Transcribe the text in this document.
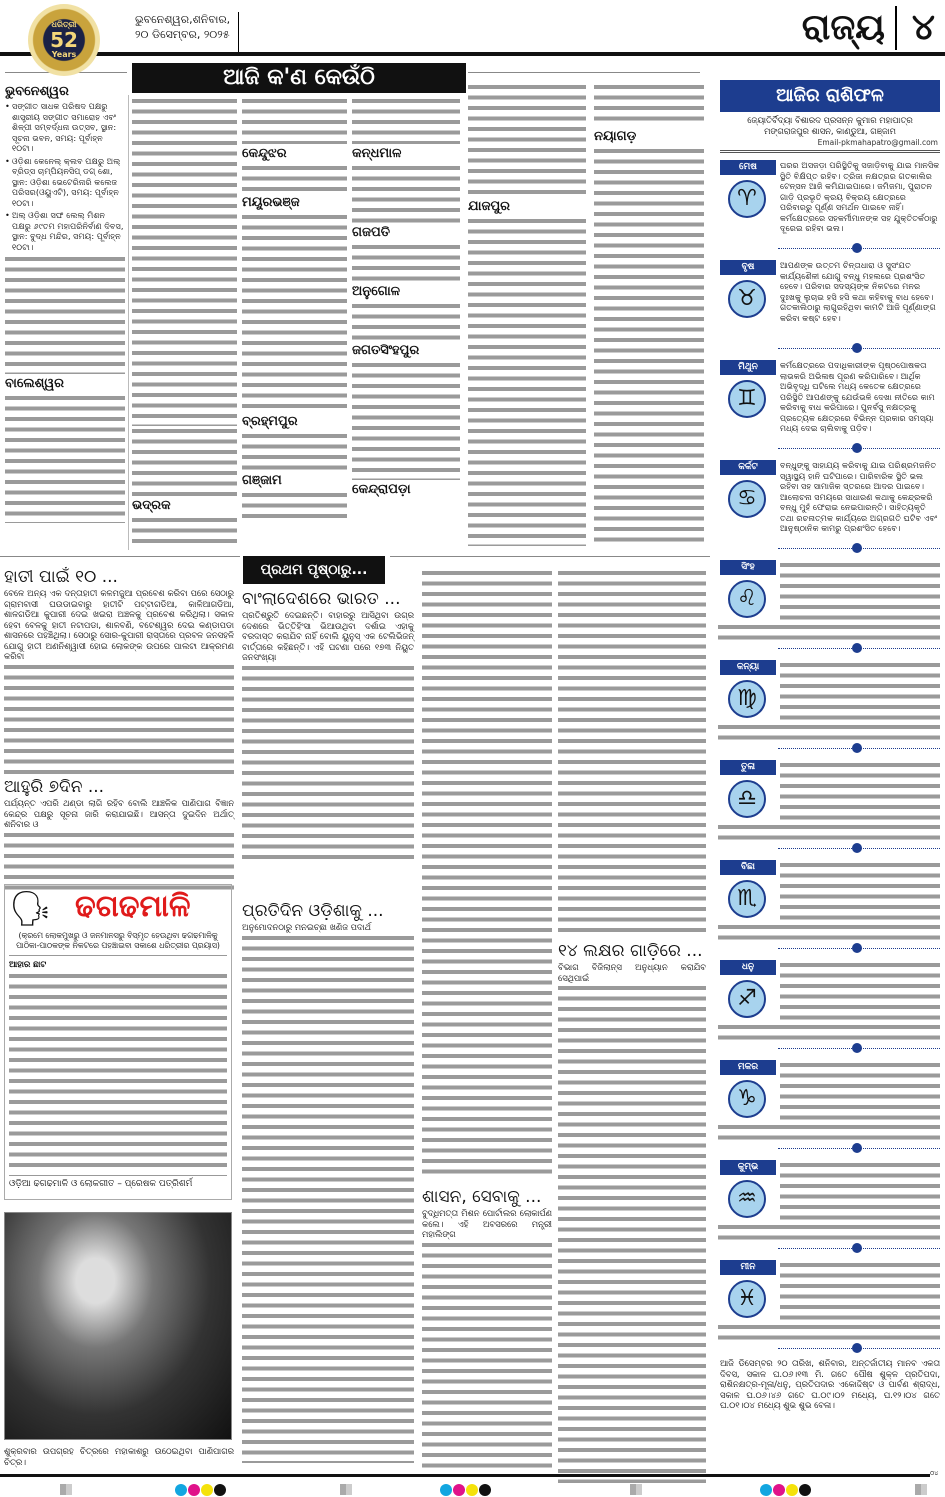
ଧରିତ୍ରୀ
52
Years
ଭୁବନେଶ୍ୱର,ଶନିବାର,
୨୦ ଡିସେମ୍ବର, ୨୦୨୫	ରାଜ୍ୟ ୪
ଆଜି କ'ଣ କେଉଁଠି
ଭୁବନେଶ୍ୱର
• ସଙ୍ଗୀତ ସାଧକ ପରିଷଦ ପକ୍ଷରୁ ଶାସ୍ତ୍ରୀୟ ସଙ୍ଗୀତ ସମାରୋହ ଏବଂ ଶିଳ୍ପୀ ସମ୍ବର୍ଦ୍ଧନା ଉତ୍ସବ, ସ୍ଥାନ: ସୂଚନା ଭବନ, ସମୟ: ପୂର୍ବାହ୍ନ ୧୦ଟା।
• ଓଡ଼ିଶା କେନେଲ୍ କ୍ଲବ ପକ୍ଷରୁ ଅଲ୍ ବ୍ରିଡ୍ସ ଚାମ୍ପିୟନସିପ୍ ଡଗ୍ ଶୋ, ସ୍ଥାନ: ଓଡ଼ିଶା ଭେଟେରିନାରି କଲେଜ ପରିସର(ଓୟୁଏଟି), ସମୟ: ପୂର୍ବାହ୍ନ ୧୦ଟା।
• ଅଲ୍ ଓଡ଼ିଶା ସଙ୍ଘ ଲେଲ୍ ମିଶନ ପକ୍ଷରୁ ୬୯ତମ ମହାପରିନିର୍ବାଣ ଦିବସ, ସ୍ଥାନ: ବୁଦ୍ଧ ମନ୍ଦିର, ସମୟ: ପୂର୍ବାହ୍ନ ୧୦ଟା।
ବାଲେଶ୍ୱର
ଭଦ୍ରକ
କେନ୍ଦୁଝର
ମୟୂରଭଞ୍ଜ
ବ୍ରହ୍ମପୁର
ଗଞ୍ଜାମ
କନ୍ଧମାଳ
ଗଜପତି
ଅନୁଗୋଳ
ଜଗତସିଂହପୁର
କେନ୍ଦ୍ରାପଡ଼ା
ଯାଜପୁର
ନୟାଗଡ଼
ଆଜିର ରାଶିଫଳ
ଜ୍ୟୋତିର୍ବିଦ୍ୟା ବିଶାରଦ ପ୍ରସନ୍ନ କୁମାର ମହାପାତ୍ର
ମଙ୍ଗରାଜପୁର ଶାସନ, କାଣ୍ଡୁଆ, ଗଞ୍ଜାମ
Email-pkmahapatro@gmail.com
ମେଷ
♈
ଘରର ଅସଜଡ଼ା ପରିସ୍ଥିତିକୁ ସଜାଡ଼ିବାକୁ ଯାଇ ମାନସିକ ସ୍ଥିତି ବିକ୍ଷିପ୍ତ ରହିବ। ତ୍ରିଜା ନକ୍ଷତ୍ରର ଗତକାଲିର ଟେନ୍‌ସନ ଆଜି କମିଯାଇପାରେ। ଜମିଜମା, ପୁରାତନ ଗାଡ଼ି ପ୍ରଭୃତି କ୍ରୟ ବିକ୍ରୟ କ୍ଷେତ୍ରରେ ପରିବାରରୁ ପୂର୍ଣ୍ଣ ସମର୍ଥନ ପାଇବେ ନାହିଁ। କର୍ମକ୍ଷେତ୍ରରେ ସହକର୍ମୀମାନଙ୍କ ସହ ଯୁକ୍ତିତର୍କଠାରୁ ଦୂରେଇ ରହିବା ଭଲ।
ବୃଷ
♉
ଆପଣଙ୍କ ଉତ୍ତମ ଚିନ୍ତାଧାରା ଓ ସୁସଂଯତ କାର୍ଯ୍ୟଶୈଳୀ ଯୋଗୁ ବନ୍ଧୁ ମହଲରେ ପ୍ରଶଂସିତ ହେବେ। ପରିବାର ସଦସ୍ୟଙ୍କ ନିକଟରେ ମନର ଦୁଃଖକୁ ଲୁଚାଇ ହସି ହସି କଥା କହିବାକୁ ବାଧ ହେବେ। ଗତକାଲିଠାରୁ ଲାଗୁରହିଥିବା କାମଟି ଆଜି ପୂର୍ଣ୍ଣାଙ୍ଗ କରିବା କଷ୍ଟ ହେବ।
ମିଥୁନ
♊
କର୍ମକ୍ଷେତ୍ରରେ ପଦାଧିକାରୀଙ୍କ ପୃଷ୍ଠପୋଷକତା ଲାଭକରି ଅଭିଳାଷ ପୂରଣ କରିପାରିବେ। ଆର୍ଥିକ ଅଭିବୃଦ୍ଧି ଘଟିଲେ ମଧ୍ୟ କେତେକ କ୍ଷେତ୍ରରେ ପରିସ୍ଥିତି ଆପଣଙ୍କୁ ଯେଉଁଭଳି ଦେଖା ନୀତିରେ କାମ କରିବାକୁ ବାଧ କରିପାରେ। ପୁନର୍ବସୁ ନକ୍ଷତ୍ରକୁ ପ୍ରତ୍ୟେକ କ୍ଷେତ୍ରରେ ବିଭିନ୍ନ ପ୍ରକାର ସମସ୍ୟା ମଧ୍ୟ ଦେଇ ଚାଲିବାକୁ ପଡ଼ିବ।
କର୍କଟ
♋
ବନ୍ଧୁଙ୍କୁ ସାହାଯ୍ୟ କରିବାକୁ ଯାଇ ପରିଶ୍ରମଜନିତ ସ୍ୱାସ୍ଥ୍ୟ ହାନି ଘଟିପାରେ। ପାରିବାରିକ ସ୍ଥିତି ଭଲ ରହିବା ସହ ସାମାଜିକ ସ୍ତରରେ ଆଦର ପାଇବେ। ଆଲୋଚନା ସମୟରେ ସାଧାରଣ କଥାକୁ କେନ୍ଦ୍ରକରି ବନ୍ଧୁ ମୁହଁ ଫେରାଇ ନେଇପାରନ୍ତି। ସାହିତ୍ୟକୃତି ତଥା ରଚନାତ୍ମକ କାର୍ଯ୍ୟରେ ଅଗ୍ରଗତି ଘଟିବ ଏବଂ ଆନୁଷ୍ଠାନିକ କାମରୁ ପ୍ରଶଂସିତ ହେବେ।
ସିଂହ
♌
କନ୍ୟା
♍
ତୁଳା
♎
ବିଛା
♏
ଧନୁ
♐
ମକର
♑
କୁମ୍ଭ
♒
ମୀନ
♓
ଆଜି ଡିସେମ୍ବର ୨୦ ତାରିଖ, ଶନିବାର, ଅନ୍ତର୍ଜାତୀୟ ମାନବ ଏକତା ଦିବସ, ସକାଳ ଘ.୦୬।୧୩ ମି. ଗତେ ପୌଷ ଶୁକ୍ଳ ପ୍ରତିପଦା, ରାଶିନକ୍ଷତ୍ର-ମୂଳା/ଧନୁ, ପ୍ରତିପଦାର ଏକୋଦ୍ଦିଷ୍ଟ ଓ ପାର୍ବଣ ଶ୍ରାଦ୍ଧ, ସକାଳ ଘ.୦୬।୪୬ ଗତେ ଘ.୦୯।୦୨ ମଧ୍ୟେ, ଘ.୧୨।୦୪ ଗତେ ଘ.୦୧।୦୪ ମଧ୍ୟେ ଶୁଭ ଶୁଭ ବେଳା।
ହାତୀ ପାଇଁ ୧୦ ...
ବେଳେ ଅନ୍ୟ ଏକ ଦନ୍ତାହାତୀ କଳମଜୁଆ ପ୍ରବେଶ କରିବା ପରେ ସେଠାରୁ ଗ୍ରାମବାସୀ ଘଉଡାଇବାରୁ ହାତୀଟି ପଟ୍ଟାଗଡିଆ, କାଳିଆଗଡିଆ, ଶାଳଗଡିଆ କୁପାରୀ ଦେଇ ଖଇରା ଅଞ୍ଚଳକୁ ପ୍ରବେଶ କରିଥିଲା। ସକାଳ ହେବା ବେଳକୁ ହାତୀ ନଟାପଡା, ଶାଳବଣି, ବଟେଶ୍ୱର ଦେଇ କଣ୍ଡାପଡା ଶାସନରେ ପହଞ୍ଚିଥିଲା। ସେଠାରୁ ସୋର-କୁପାରୀ ରାସ୍ତାରେ ପ୍ରବଳ ଜନସହଳି ଯୋଗୁ ହାତୀ ଅଣନିଶ୍ୱାସୀ ହୋଇ ଲୋକଙ୍କ ଉପରେ ପାଲଟା ଆକ୍ରମଣ କରିବା
ଆହୁରି ୭ଦିନ ...
ପର୍ଯ୍ୟନ୍ତ ଏପରି ଥଣ୍ଡା ଲାଗି ରହିବ ବୋଲି ଆଞ୍ଚଳିକ ପାଣିପାଗ ବିଜ୍ଞାନ କେନ୍ଦ୍ର ପକ୍ଷରୁ ସୂଚନା ଜାରି କରାଯାଇଛି। ଆସନ୍ତା ଦୁଇଦିନ ଅର୍ଥାତ୍ ଶନିବାର ଓ
🗣 ଢଗଢମାଳି
(କ୍ରମେ ଲୋକମୁଖରୁ ଓ ଜନମାନସରୁ ବିସ୍ମୃତ ହେଉଥିବା ଢଗଢମାଳିକୁ ପାଠିକା-ପାଠକଙ୍କ ନିକଟରେ ପହଞ୍ଚାଇବା ସକାଶେ ଧରିତ୍ରୀର ପ୍ରୟାସ)
ଆହାର ଛାଟ
ଓଡ଼ିଆ ଢଗଢମାଳି ଓ ଲୋକଗୀତ – ପ୍ରେଷକ ପତ୍ରିଶର୍ମ
ଶୁକ୍ରବାର ଉପଗ୍ରହ ଚିତ୍ରରେ ମହାକାଶରୁ ଉଠେଇଥିବା ପାଣିପାଗର ଚିତ୍ର।
ପ୍ରଥମ ପୃଷ୍ଠାରୁ...
ବାଂଲାଦେଶରେ ଭାରତ ...
ପ୍ରତିଶ୍ରୁତି ଦେଇଛନ୍ତି। ବାହାରରୁ ଆସିଥିବା ଉଗ୍ର ଦେଶରେ ଭିତ୍ତିହିଂସା ଭିଆଉଥିବା ଦର୍ଶାଇ ଏହାକୁ ବରଦାସ୍ତ କରାଯିବ ନାହିଁ ବୋଲି ୟୁନୁସ୍ ଏକ ଟେଲିଭିଜନ୍ ବାର୍ତ୍ତାରେ କହିଛନ୍ତି। ଏହି ଘଟଣା ପରେ ୧୭୩ ନିୟୁତ ଜନସଂଖ୍ୟା
ପ୍ରତିଦିନ ଓଡ଼ିଶାକୁ ...
ଅନୁମୋଦନଠାରୁ ମନଇଚ୍ଛା ଖଣିଜ ପଦାର୍ଥ
ଶାସନ, ସେବାକୁ ...
ବୁଦ୍ଧିମତ୍ତା ମିଶନ ପୋର୍ଟାଲର ଲୋକାର୍ପଣ କଲେ। ଏହି ଅବସରରେ ମନ୍ତ୍ରୀ ମହାଲିଙ୍ଗ
୧୪ ଲକ୍ଷର ଗାଡ଼ିରେ ...
ବିଭାଗ ବିଜିଲାନ୍ସ ଅନୁଧ୍ୟାନ କରାଯିବ ସେଥିପାଇଁ
୦୪
